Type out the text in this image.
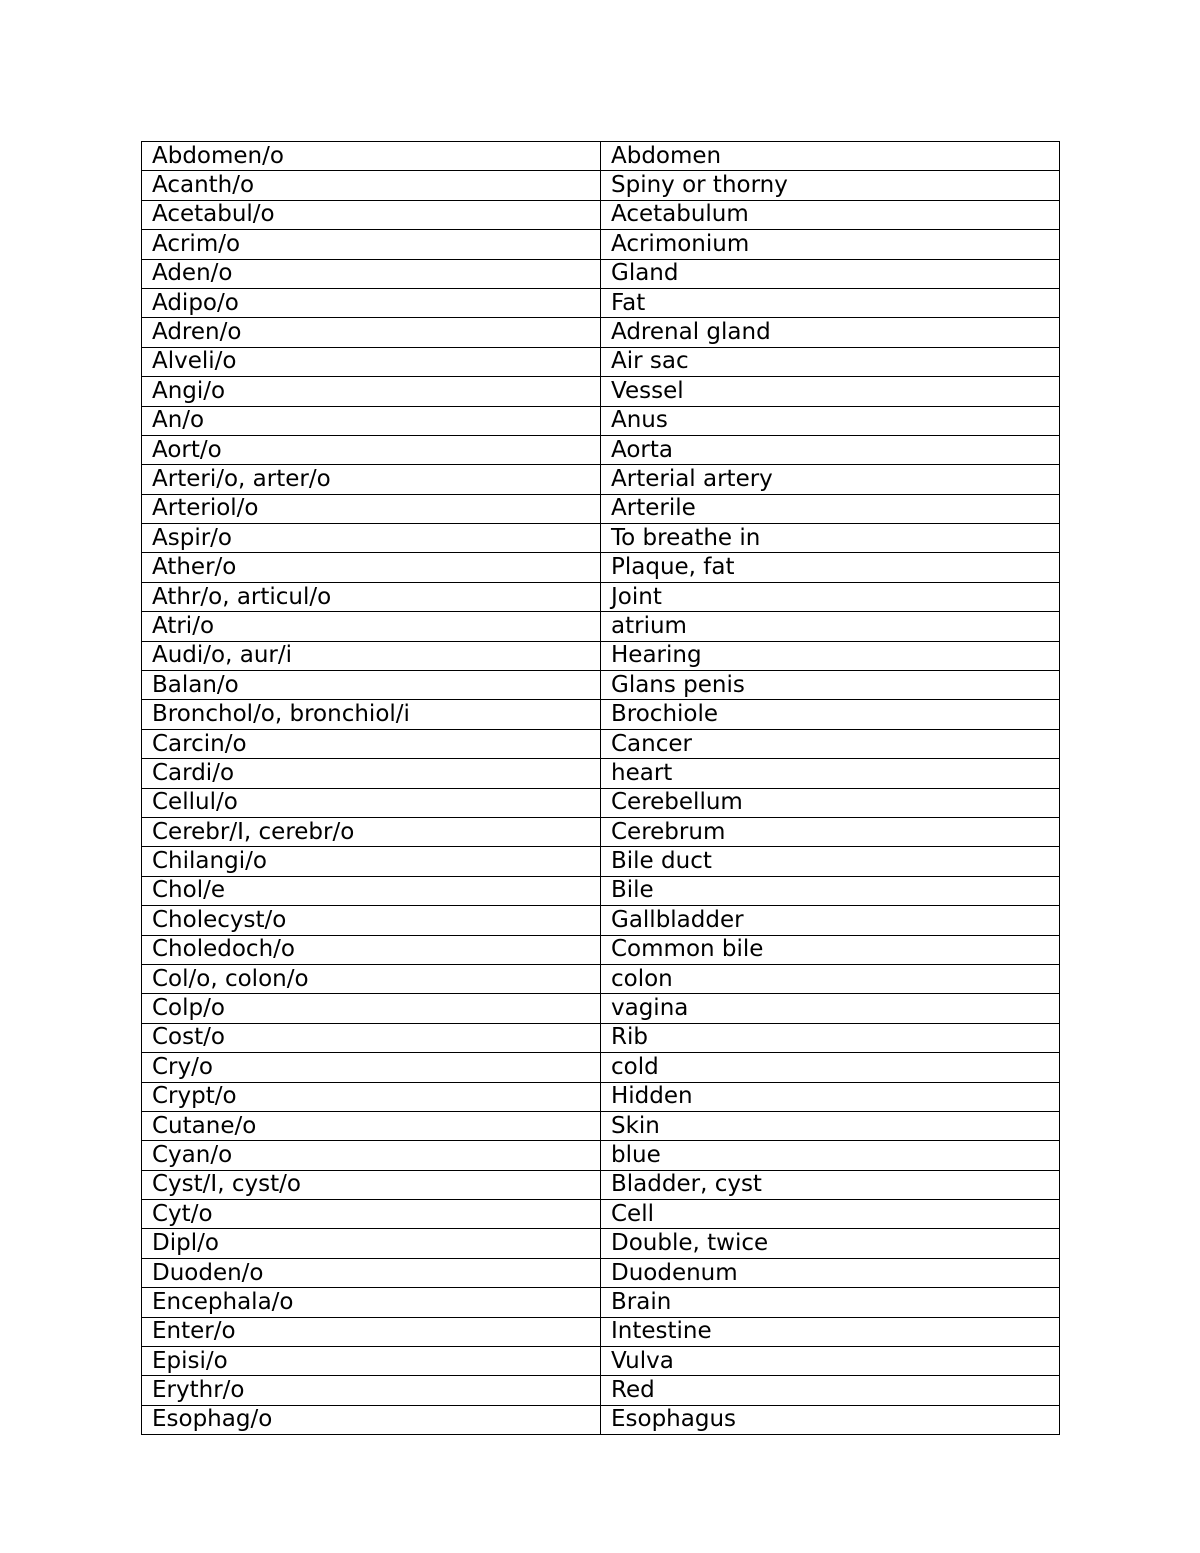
Abdomen/o	Abdomen
Acanth/o	Spiny or thorny
Acetabul/o	Acetabulum
Acrim/o	Acrimonium
Aden/o	Gland
Adipo/o	Fat
Adren/o	Adrenal gland
Alveli/o	Air sac
Angi/o	Vessel
An/o	Anus
Aort/o	Aorta
Arteri/o, arter/o	Arterial artery
Arteriol/o	Arterile
Aspir/o	To breathe in
Ather/o	Plaque, fat
Athr/o, articul/o	Joint
Atri/o	atrium
Audi/o, aur/i	Hearing
Balan/o	Glans penis
Bronchol/o, bronchiol/i	Brochiole
Carcin/o	Cancer
Cardi/o	heart
Cellul/o	Cerebellum
Cerebr/I, cerebr/o	Cerebrum
Chilangi/o	Bile duct
Chol/e	Bile
Cholecyst/o	Gallbladder
Choledoch/o	Common bile
Col/o, colon/o	colon
Colp/o	vagina
Cost/o	Rib
Cry/o	cold
Crypt/o	Hidden
Cutane/o	Skin
Cyan/o	blue
Cyst/I, cyst/o	Bladder, cyst
Cyt/o	Cell
Dipl/o	Double, twice
Duoden/o	Duodenum
Encephala/o	Brain
Enter/o	Intestine
Episi/o	Vulva
Erythr/o	Red
Esophag/o	Esophagus
